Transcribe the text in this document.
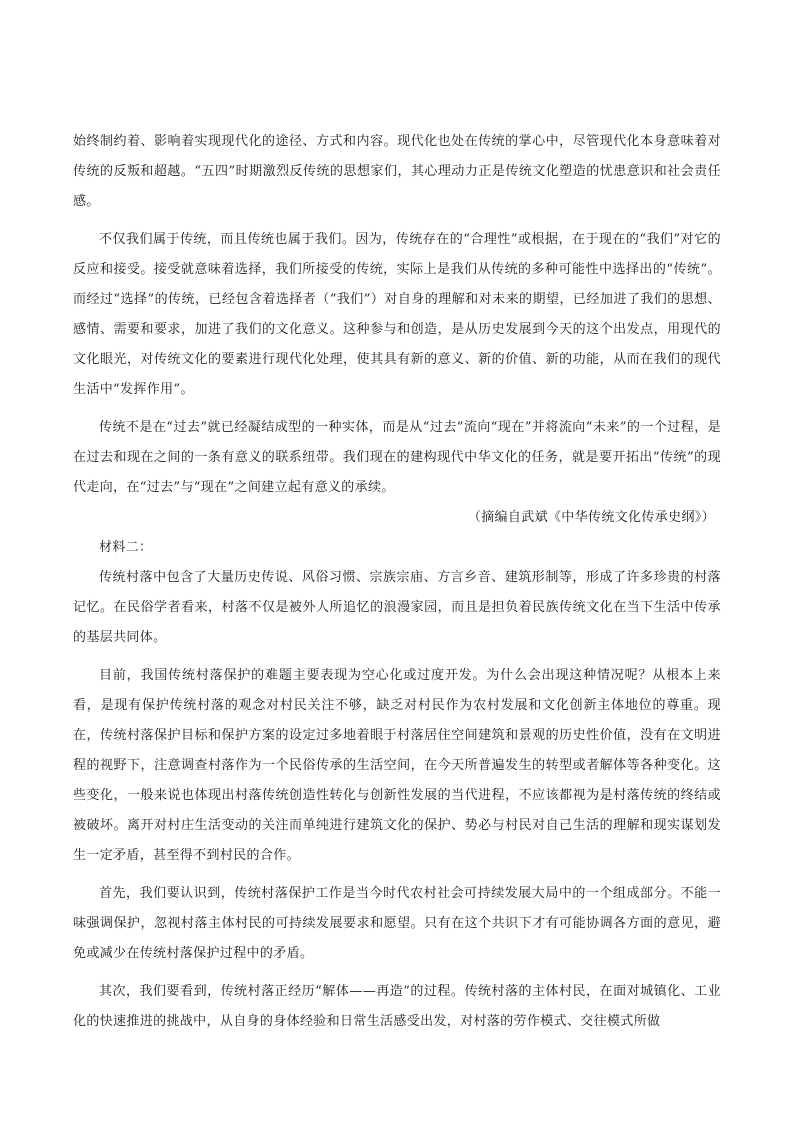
始终制约着、影响着实现现代化的途径、方式和内容。现代化也处在传统的掌心中，尽管现代化本身意味着对传统的反叛和超越。“五四”时期激烈反传统的思想家们，其心理动力正是传统文化塑造的忧患意识和社会责任感。

不仅我们属于传统，而且传统也属于我们。因为，传统存在的“合理性”或根据，在于现在的“我们”对它的反应和接受。接受就意味着选择，我们所接受的传统，实际上是我们从传统的多种可能性中选择出的“传统”。而经过“选择”的传统，已经包含着选择者（“我们”）对自身的理解和对未来的期望，已经加进了我们的思想、感情、需要和要求，加进了我们的文化意义。这种参与和创造，是从历史发展到今天的这个出发点，用现代的文化眼光，对传统文化的要素进行现代化处理，使其具有新的意义、新的价值、新的功能，从而在我们的现代生活中“发挥作用”。

传统不是在“过去”就已经凝结成型的一种实体，而是从“过去”流向“现在”并将流向“未来”的一个过程，是在过去和现在之间的一条有意义的联系纽带。我们现在的建构现代中华文化的任务，就是要开拓出“传统”的现代走向，在“过去”与“现在”之间建立起有意义的承续。

（摘编自武斌《中华传统文化传承史纲》）

材料二：

传统村落中包含了大量历史传说、风俗习惯、宗族宗庙、方言乡音、建筑形制等，形成了许多珍贵的村落记忆。在民俗学者看来，村落不仅是被外人所追忆的浪漫家园，而且是担负着民族传统文化在当下生活中传承的基层共同体。

目前，我国传统村落保护的难题主要表现为空心化或过度开发。为什么会出现这种情况呢？从根本上来看，是现有保护传统村落的观念对村民关注不够，缺乏对村民作为农村发展和文化创新主体地位的尊重。现在，传统村落保护目标和保护方案的设定过多地着眼于村落居住空间建筑和景观的历史性价值，没有在文明进程的视野下，注意调查村落作为一个民俗传承的生活空间，在今天所普遍发生的转型或者解体等各种变化。这些变化，一般来说也体现出村落传统创造性转化与创新性发展的当代进程，不应该都视为是村落传统的终结或被破坏。离开对村庄生活变动的关注而单纯进行建筑文化的保护、势必与村民对自己生活的理解和现实谋划发生一定矛盾，甚至得不到村民的合作。

首先，我们要认识到，传统村落保护工作是当今时代农村社会可持续发展大局中的一个组成部分。不能一味强调保护，忽视村落主体村民的可持续发展要求和愿望。只有在这个共识下才有可能协调各方面的意见，避免或减少在传统村落保护过程中的矛盾。

其次，我们要看到，传统村落正经历“解体——再造”的过程。传统村落的主体村民，在面对城镇化、工业化的快速推进的挑战中，从自身的身体经验和日常生活感受出发，对村落的劳作模式、交往模式所做
